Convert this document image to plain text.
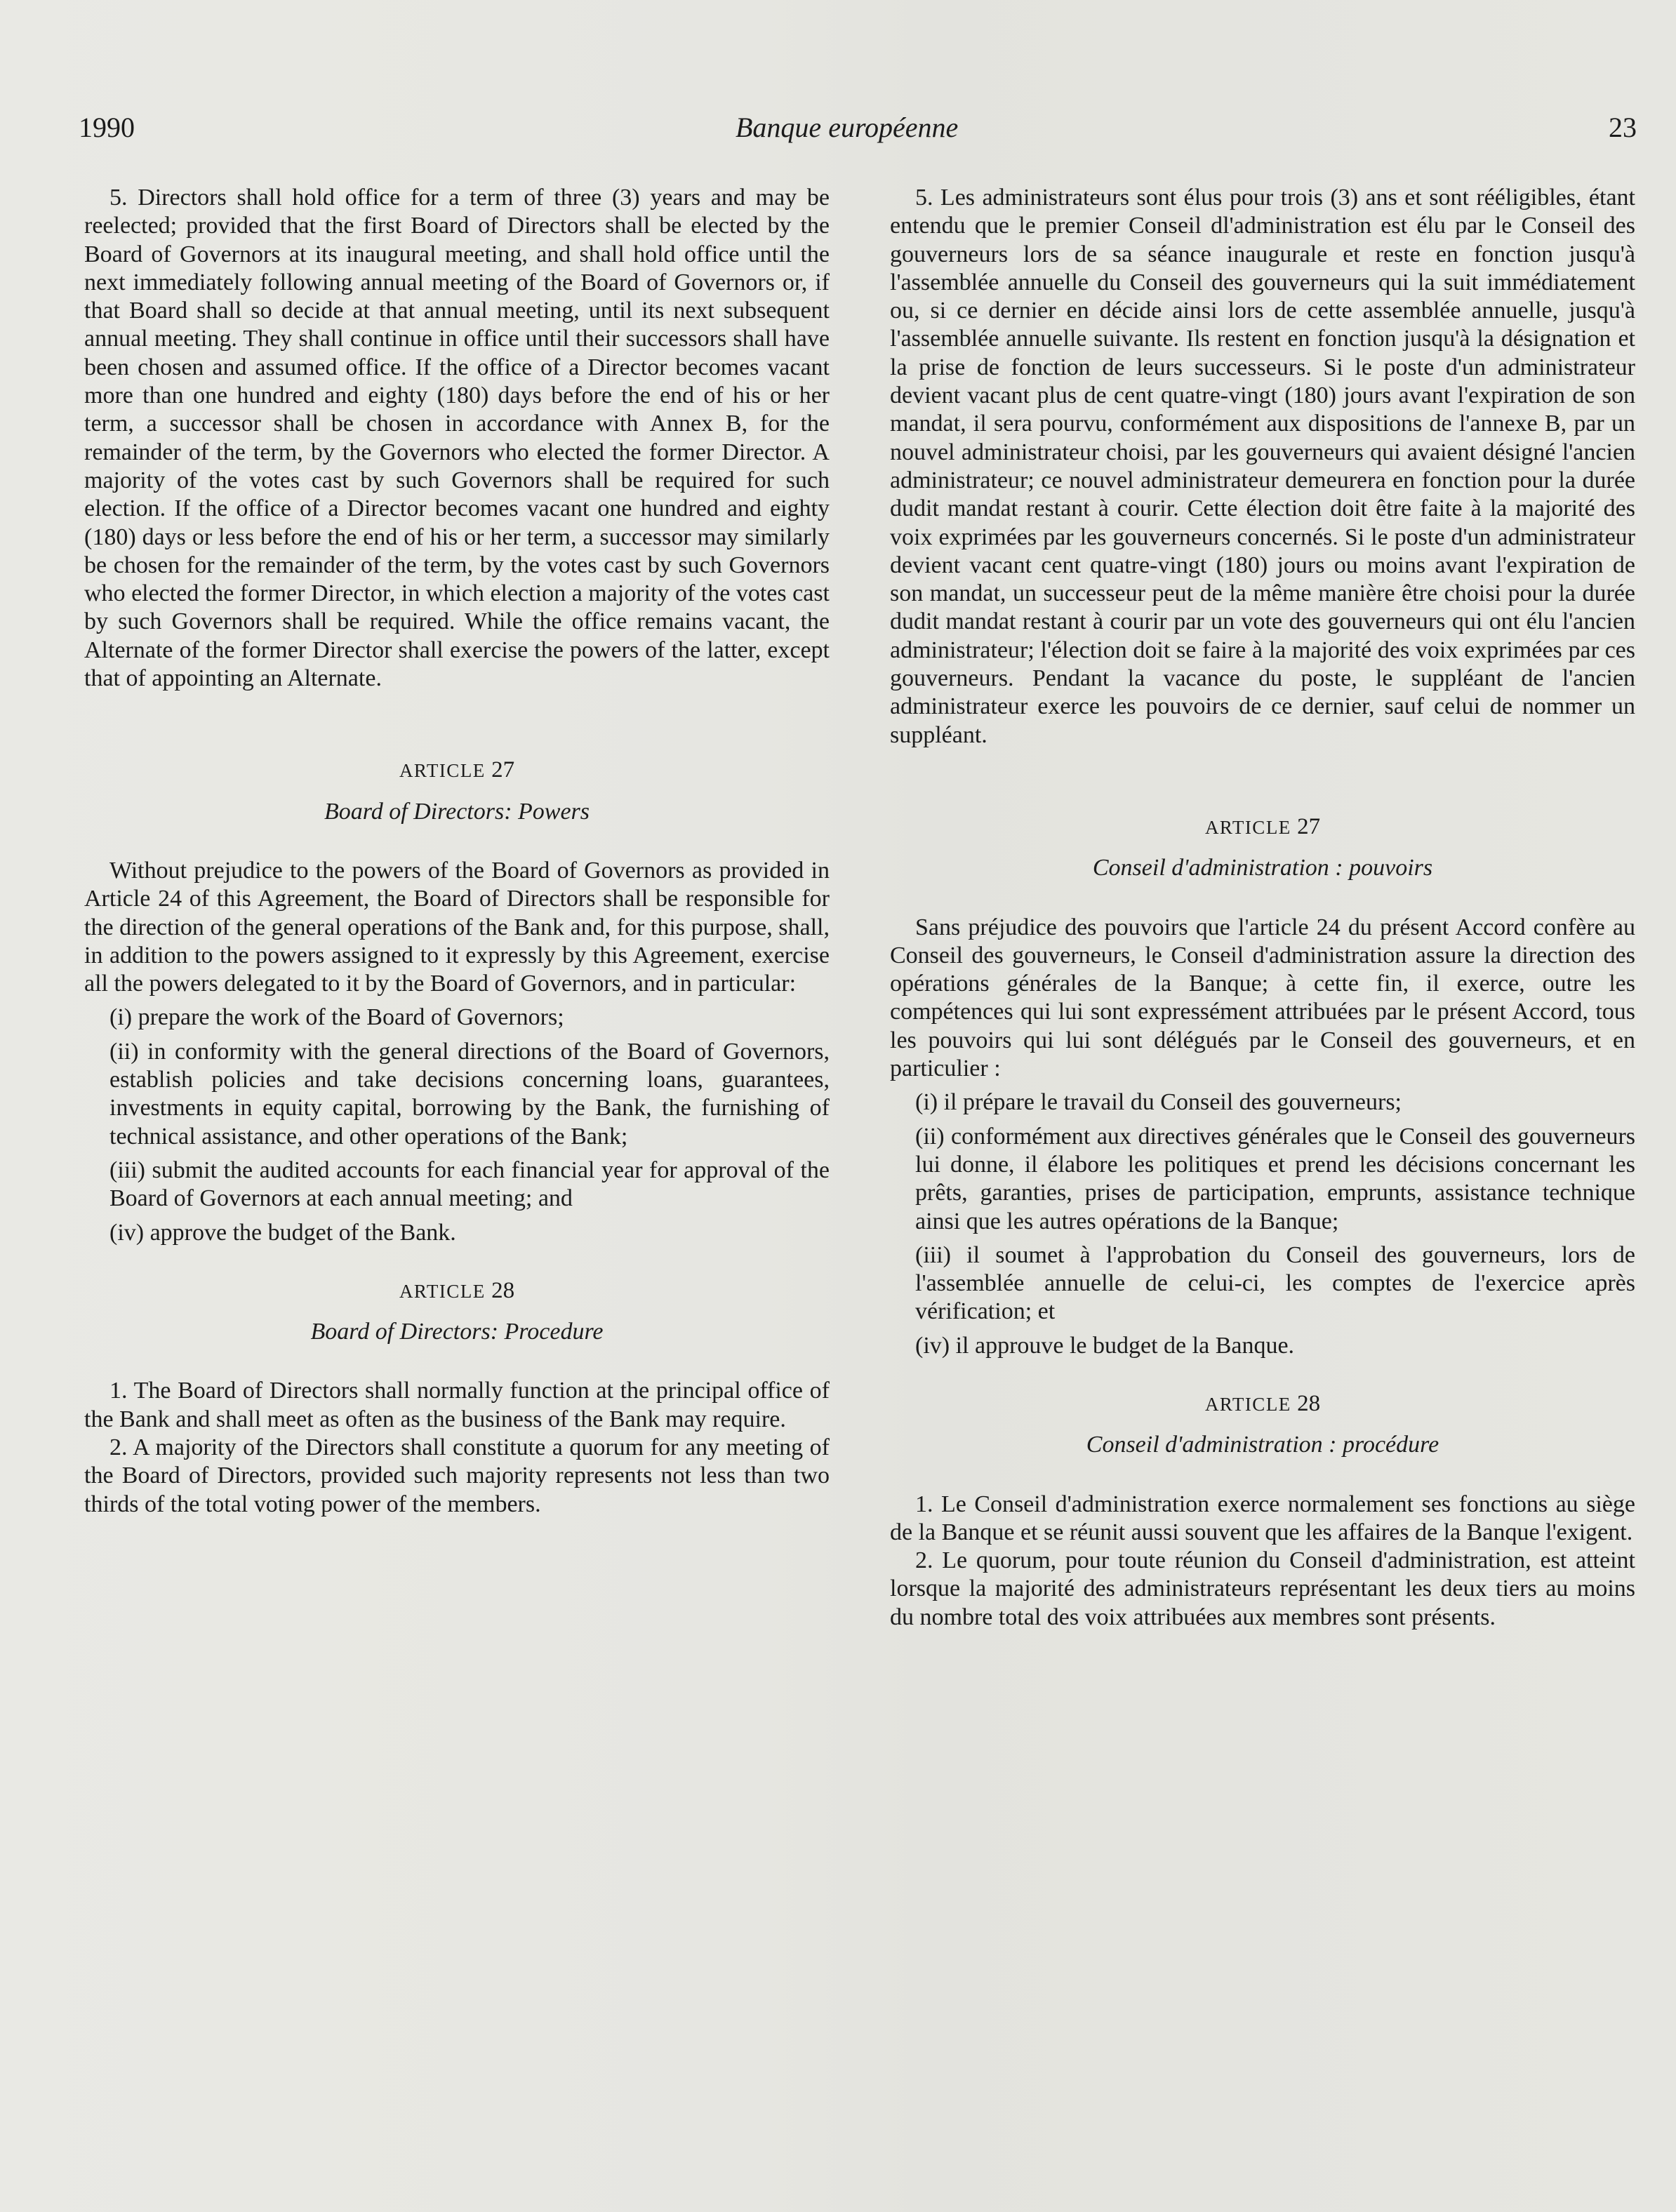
1990	Banque européenne	23

5. Directors shall hold office for a term of three (3) years and may be reelected; provided that the first Board of Directors shall be elected by the Board of Governors at its inaugural meeting, and shall hold office until the next immediately following annual meeting of the Board of Governors or, if that Board shall so decide at that annual meeting, until its next subsequent annual meeting. They shall continue in office until their successors shall have been chosen and assumed office. If the office of a Director becomes vacant more than one hundred and eighty (180) days before the end of his or her term, a successor shall be chosen in accordance with Annex B, for the remainder of the term, by the Governors who elected the former Director. A majority of the votes cast by such Governors shall be required for such election. If the office of a Director becomes vacant one hundred and eighty (180) days or less before the end of his or her term, a successor may similarly be chosen for the remainder of the term, by the votes cast by such Governors who elected the former Director, in which election a majority of the votes cast by such Governors shall be required. While the office remains vacant, the Alternate of the former Director shall exercise the powers of the latter, except that of appointing an Alternate.

ARTICLE 27
Board of Directors: Powers

Without prejudice to the powers of the Board of Governors as provided in Article 24 of this Agreement, the Board of Directors shall be responsible for the direction of the general operations of the Bank and, for this purpose, shall, in addition to the powers assigned to it expressly by this Agreement, exercise all the powers delegated to it by the Board of Governors, and in particular:

(i) prepare the work of the Board of Governors;

(ii) in conformity with the general directions of the Board of Governors, establish policies and take decisions concerning loans, guarantees, investments in equity capital, borrowing by the Bank, the furnishing of technical assistance, and other operations of the Bank;

(iii) submit the audited accounts for each financial year for approval of the Board of Governors at each annual meeting; and

(iv) approve the budget of the Bank.

ARTICLE 28
Board of Directors: Procedure

1. The Board of Directors shall normally function at the principal office of the Bank and shall meet as often as the business of the Bank may require.

2. A majority of the Directors shall constitute a quorum for any meeting of the Board of Directors, provided such majority represents not less than two thirds of the total voting power of the members.

5. Les administrateurs sont élus pour trois (3) ans et sont rééligibles, étant entendu que le premier Conseil dl'administration est élu par le Conseil des gouverneurs lors de sa séance inaugurale et reste en fonction jusqu'à l'assemblée annuelle du Conseil des gouverneurs qui la suit immédiatement ou, si ce dernier en décide ainsi lors de cette assemblée annuelle, jusqu'à l'assemblée annuelle suivante. Ils restent en fonction jusqu'à la désignation et la prise de fonction de leurs successeurs. Si le poste d'un administrateur devient vacant plus de cent quatre-vingt (180) jours avant l'expiration de son mandat, il sera pourvu, conformément aux dispositions de l'annexe B, par un nouvel administrateur choisi, par les gouverneurs qui avaient désigné l'ancien administrateur; ce nouvel administrateur demeurera en fonction pour la durée dudit mandat restant à courir. Cette élection doit être faite à la majorité des voix exprimées par les gouverneurs concernés. Si le poste d'un administrateur devient vacant cent quatre-vingt (180) jours ou moins avant l'expiration de son mandat, un successeur peut de la même manière être choisi pour la durée dudit mandat restant à courir par un vote des gouverneurs qui ont élu l'ancien administrateur; l'élection doit se faire à la majorité des voix exprimées par ces gouverneurs. Pendant la vacance du poste, le suppléant de l'ancien administrateur exerce les pouvoirs de ce dernier, sauf celui de nommer un suppléant.

ARTICLE 27
Conseil d'administration : pouvoirs

Sans préjudice des pouvoirs que l'article 24 du présent Accord confère au Conseil des gouverneurs, le Conseil d'administration assure la direction des opérations générales de la Banque; à cette fin, il exerce, outre les compétences qui lui sont expressément attribuées par le présent Accord, tous les pouvoirs qui lui sont délégués par le Conseil des gouverneurs, et en particulier :

(i) il prépare le travail du Conseil des gouverneurs;

(ii) conformément aux directives générales que le Conseil des gouverneurs lui donne, il élabore les politiques et prend les décisions concernant les prêts, garanties, prises de participation, emprunts, assistance technique ainsi que les autres opérations de la Banque;

(iii) il soumet à l'approbation du Conseil des gouverneurs, lors de l'assemblée annuelle de celui-ci, les comptes de l'exercice après vérification; et

(iv) il approuve le budget de la Banque.

ARTICLE 28
Conseil d'administration : procédure

1. Le Conseil d'administration exerce normalement ses fonctions au siège de la Banque et se réunit aussi souvent que les affaires de la Banque l'exigent.

2. Le quorum, pour toute réunion du Conseil d'administration, est atteint lorsque la majorité des administrateurs représentant les deux tiers au moins du nombre total des voix attribuées aux membres sont présents.
